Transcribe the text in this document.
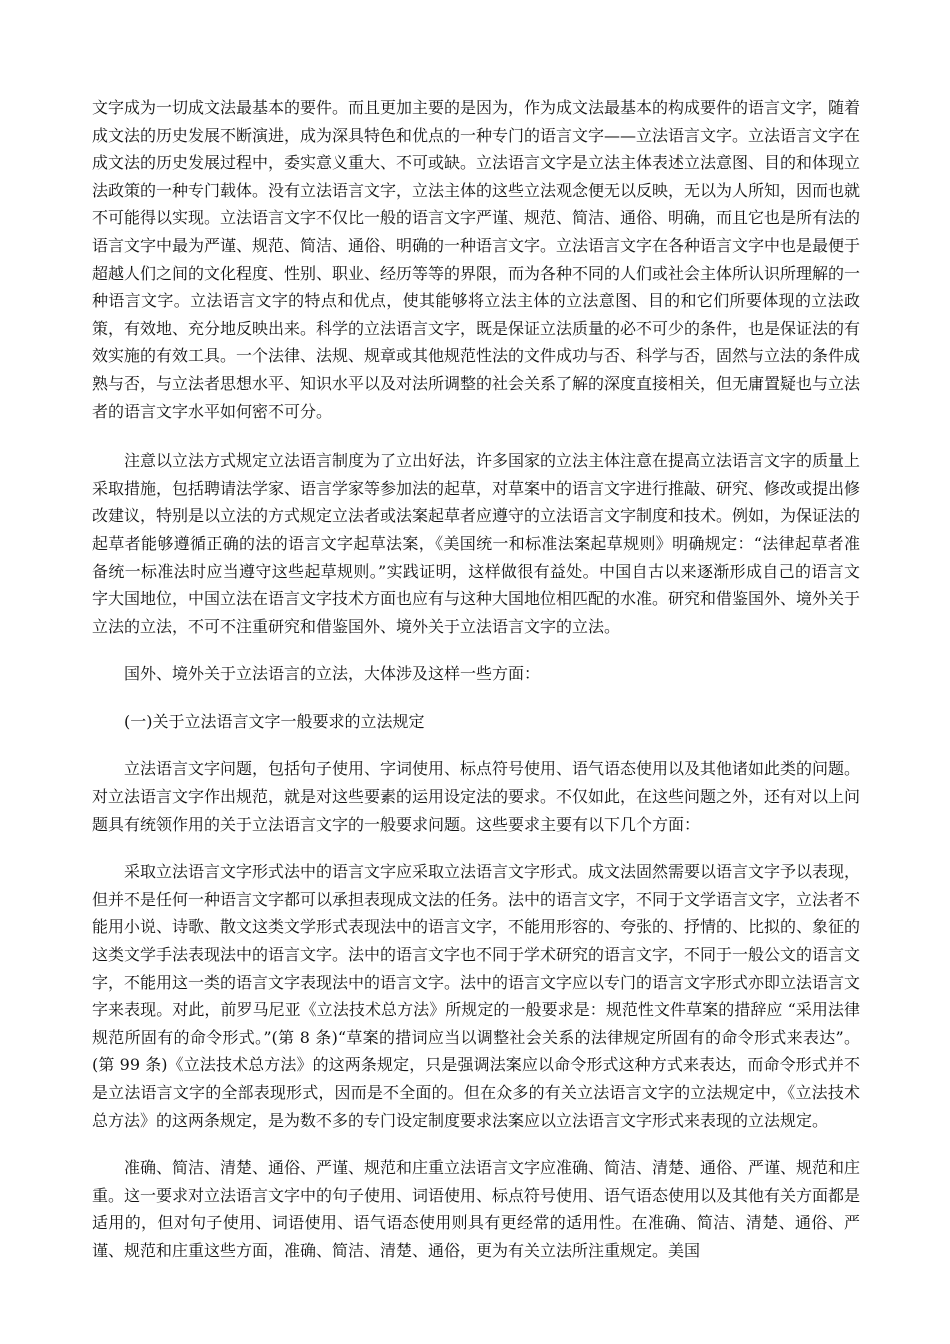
文字成为一切成文法最基本的要件。而且更加主要的是因为，作为成文法最基本的构成要件的语言文字，随着成文法的历史发展不断演进，成为深具特色和优点的一种专门的语言文字——立法语言文字。立法语言文字在成文法的历史发展过程中，委实意义重大、不可或缺。立法语言文字是立法主体表述立法意图、目的和体现立法政策的一种专门载体。没有立法语言文字，立法主体的这些立法观念便无以反映，无以为人所知，因而也就不可能得以实现。立法语言文字不仅比一般的语言文字严谨、规范、简洁、通俗、明确，而且它也是所有法的语言文字中最为严谨、规范、简洁、通俗、明确的一种语言文字。立法语言文字在各种语言文字中也是最便于超越人们之间的文化程度、性别、职业、经历等等的界限，而为各种不同的人们或社会主体所认识所理解的一种语言文字。立法语言文字的特点和优点，使其能够将立法主体的立法意图、目的和它们所要体现的立法政策，有效地、充分地反映出来。科学的立法语言文字，既是保证立法质量的必不可少的条件，也是保证法的有效实施的有效工具。一个法律、法规、规章或其他规范性法的文件成功与否、科学与否，固然与立法的条件成熟与否，与立法者思想水平、知识水平以及对法所调整的社会关系了解的深度直接相关，但无庸置疑也与立法者的语言文字水平如何密不可分。

注意以立法方式规定立法语言制度为了立出好法，许多国家的立法主体注意在提高立法语言文字的质量上采取措施，包括聘请法学家、语言学家等参加法的起草，对草案中的语言文字进行推敲、研究、修改或提出修改建议，特别是以立法的方式规定立法者或法案起草者应遵守的立法语言文字制度和技术。例如，为保证法的起草者能够遵循正确的法的语言文字起草法案，《美国统一和标准法案起草规则》明确规定：“法律起草者准备统一标准法时应当遵守这些起草规则。”实践证明，这样做很有益处。中国自古以来逐渐形成自己的语言文字大国地位，中国立法在语言文字技术方面也应有与这种大国地位相匹配的水准。研究和借鉴国外、境外关于立法的立法，不可不注重研究和借鉴国外、境外关于立法语言文字的立法。

国外、境外关于立法语言的立法，大体涉及这样一些方面：

(一)关于立法语言文字一般要求的立法规定

立法语言文字问题，包括句子使用、字词使用、标点符号使用、语气语态使用以及其他诸如此类的问题。对立法语言文字作出规范，就是对这些要素的运用设定法的要求。不仅如此，在这些问题之外，还有对以上问题具有统领作用的关于立法语言文字的一般要求问题。这些要求主要有以下几个方面：

采取立法语言文字形式法中的语言文字应采取立法语言文字形式。成文法固然需要以语言文字予以表现，但并不是任何一种语言文字都可以承担表现成文法的任务。法中的语言文字，不同于文学语言文字，立法者不能用小说、诗歌、散文这类文学形式表现法中的语言文字，不能用形容的、夸张的、抒情的、比拟的、象征的这类文学手法表现法中的语言文字。法中的语言文字也不同于学术研究的语言文字，不同于一般公文的语言文字，不能用这一类的语言文字表现法中的语言文字。法中的语言文字应以专门的语言文字形式亦即立法语言文字来表现。对此，前罗马尼亚《立法技术总方法》所规定的一般要求是：规范性文件草案的措辞应 “采用法律规范所固有的命令形式。”(第 8 条)“草案的措词应当以调整社会关系的法律规定所固有的命令形式来表达”。(第 99 条)《立法技术总方法》的这两条规定，只是强调法案应以命令形式这种方式来表达，而命令形式并不是立法语言文字的全部表现形式，因而是不全面的。但在众多的有关立法语言文字的立法规定中，《立法技术总方法》的这两条规定，是为数不多的专门设定制度要求法案应以立法语言文字形式来表现的立法规定。

准确、简洁、清楚、通俗、严谨、规范和庄重立法语言文字应准确、简洁、清楚、通俗、严谨、规范和庄重。这一要求对立法语言文字中的句子使用、词语使用、标点符号使用、语气语态使用以及其他有关方面都是适用的，但对句子使用、词语使用、语气语态使用则具有更经常的适用性。在准确、简洁、清楚、通俗、严谨、规范和庄重这些方面，准确、简洁、清楚、通俗，更为有关立法所注重规定。美国
